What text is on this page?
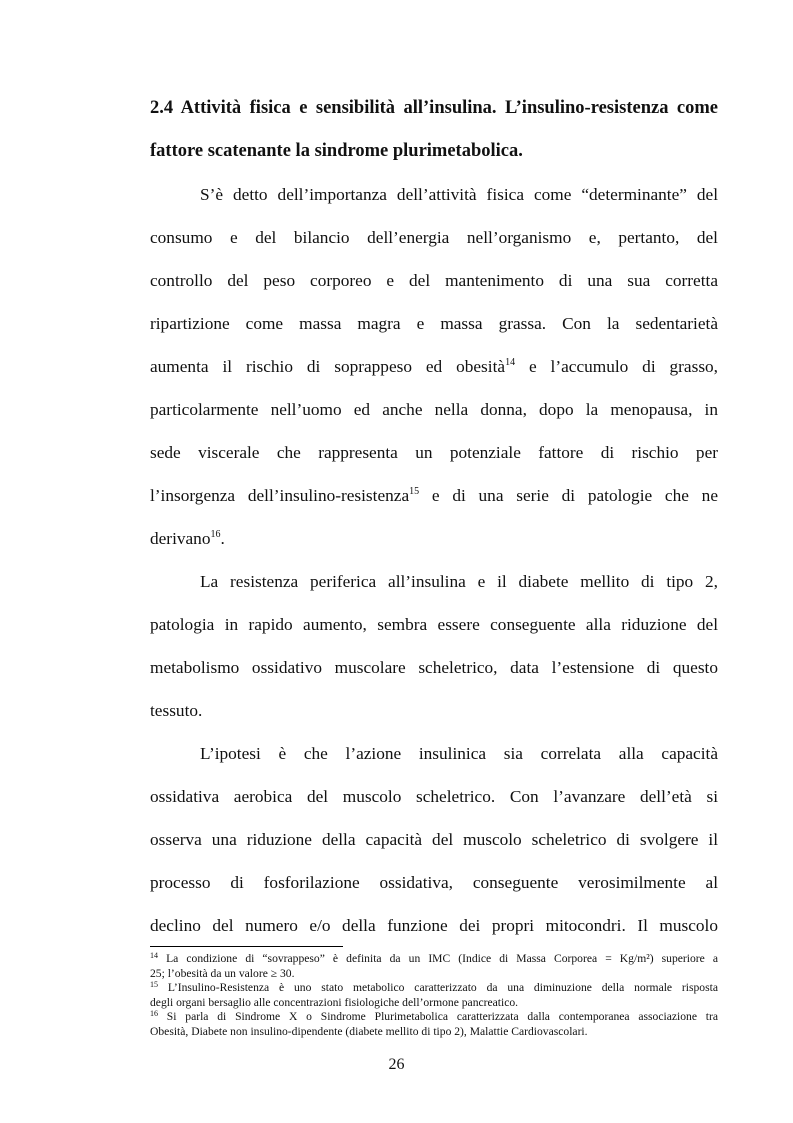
2.4 Attività fisica e sensibilità all’insulina. L’insulino-resistenza come
fattore scatenante la sindrome plurimetabolica.
S’è detto dell’importanza dell’attività fisica come “determinante” del
consumo e del bilancio dell’energia nell’organismo e, pertanto, del
controllo del peso corporeo e del mantenimento di una sua corretta
ripartizione come massa magra e massa grassa. Con la sedentarietà
aumenta il rischio di soprappeso ed obesità$^{14}$ e l’accumulo di grasso,
particolarmente nell’uomo ed anche nella donna, dopo la menopausa, in
sede viscerale che rappresenta un potenziale fattore di rischio per
l’insorgenza dell’insulino-resistenza$^{15}$ e di una serie di patologie che ne
derivano$^{16}$.
La resistenza periferica all’insulina e il diabete mellito di tipo 2,
patologia in rapido aumento, sembra essere conseguente alla riduzione del
metabolismo ossidativo muscolare scheletrico, data l’estensione di questo
tessuto.
L’ipotesi è che l’azione insulinica sia correlata alla capacità
ossidativa aerobica del muscolo scheletrico. Con l’avanzare dell’età si
osserva una riduzione della capacità del muscolo scheletrico di svolgere il
processo di fosforilazione ossidativa, conseguente verosimilmente al
declino del numero e/o della funzione dei propri mitocondri. Il muscolo
$^{14}$ La condizione di “sovrappeso” è definita da un IMC (Indice di Massa Corporea = Kg/m²) superiore a
25; l’obesità da un valore ≥ 30.
$^{15}$ L’Insulino-Resistenza è uno stato metabolico caratterizzato da una diminuzione della normale risposta
degli organi bersaglio alle concentrazioni fisiologiche dell’ormone pancreatico.
$^{16}$ Si parla di Sindrome X o Sindrome Plurimetabolica caratterizzata dalla contemporanea associazione tra
Obesità, Diabete non insulino-dipendente (diabete mellito di tipo 2), Malattie Cardiovascolari.
26
